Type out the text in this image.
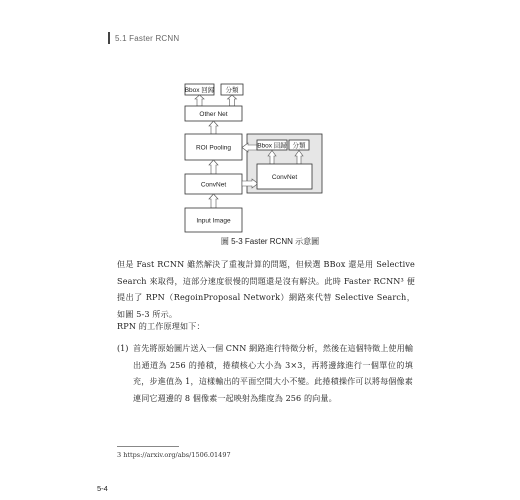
5.1 Faster RCNN
Bbox 回歸 分類
Other Net
ROI Pooling
ConvNet
Input Image
Bbox 回歸 分類
ConvNet
圖 5-3 Faster RCNN 示意圖
但是 Fast RCNN 雖然解決了重複計算的問題，但候選 BBox 還是用 Selective Search 來取得，這部分速度很慢的問題還是沒有解決。此時 Faster RCNN³ 便提出了 RPN（RegoinProposal Network）網路來代替 Selective Search，如圖 5-3 所示。
RPN 的工作原理如下：
(1) 首先將原始圖片送入一個 CNN 網路進行特徵分析，然後在這個特徵上使用輸出通道為 256 的捲積，捲積核心大小為 3×3，再將邊緣進行一個單位的填充，步進值為 1，這樣輸出的平面空間大小不變。此捲積操作可以將每個像素連同它週邊的 8 個像素一起映射為維度為 256 的向量。
3 https://arxiv.org/abs/1506.01497
5-4
